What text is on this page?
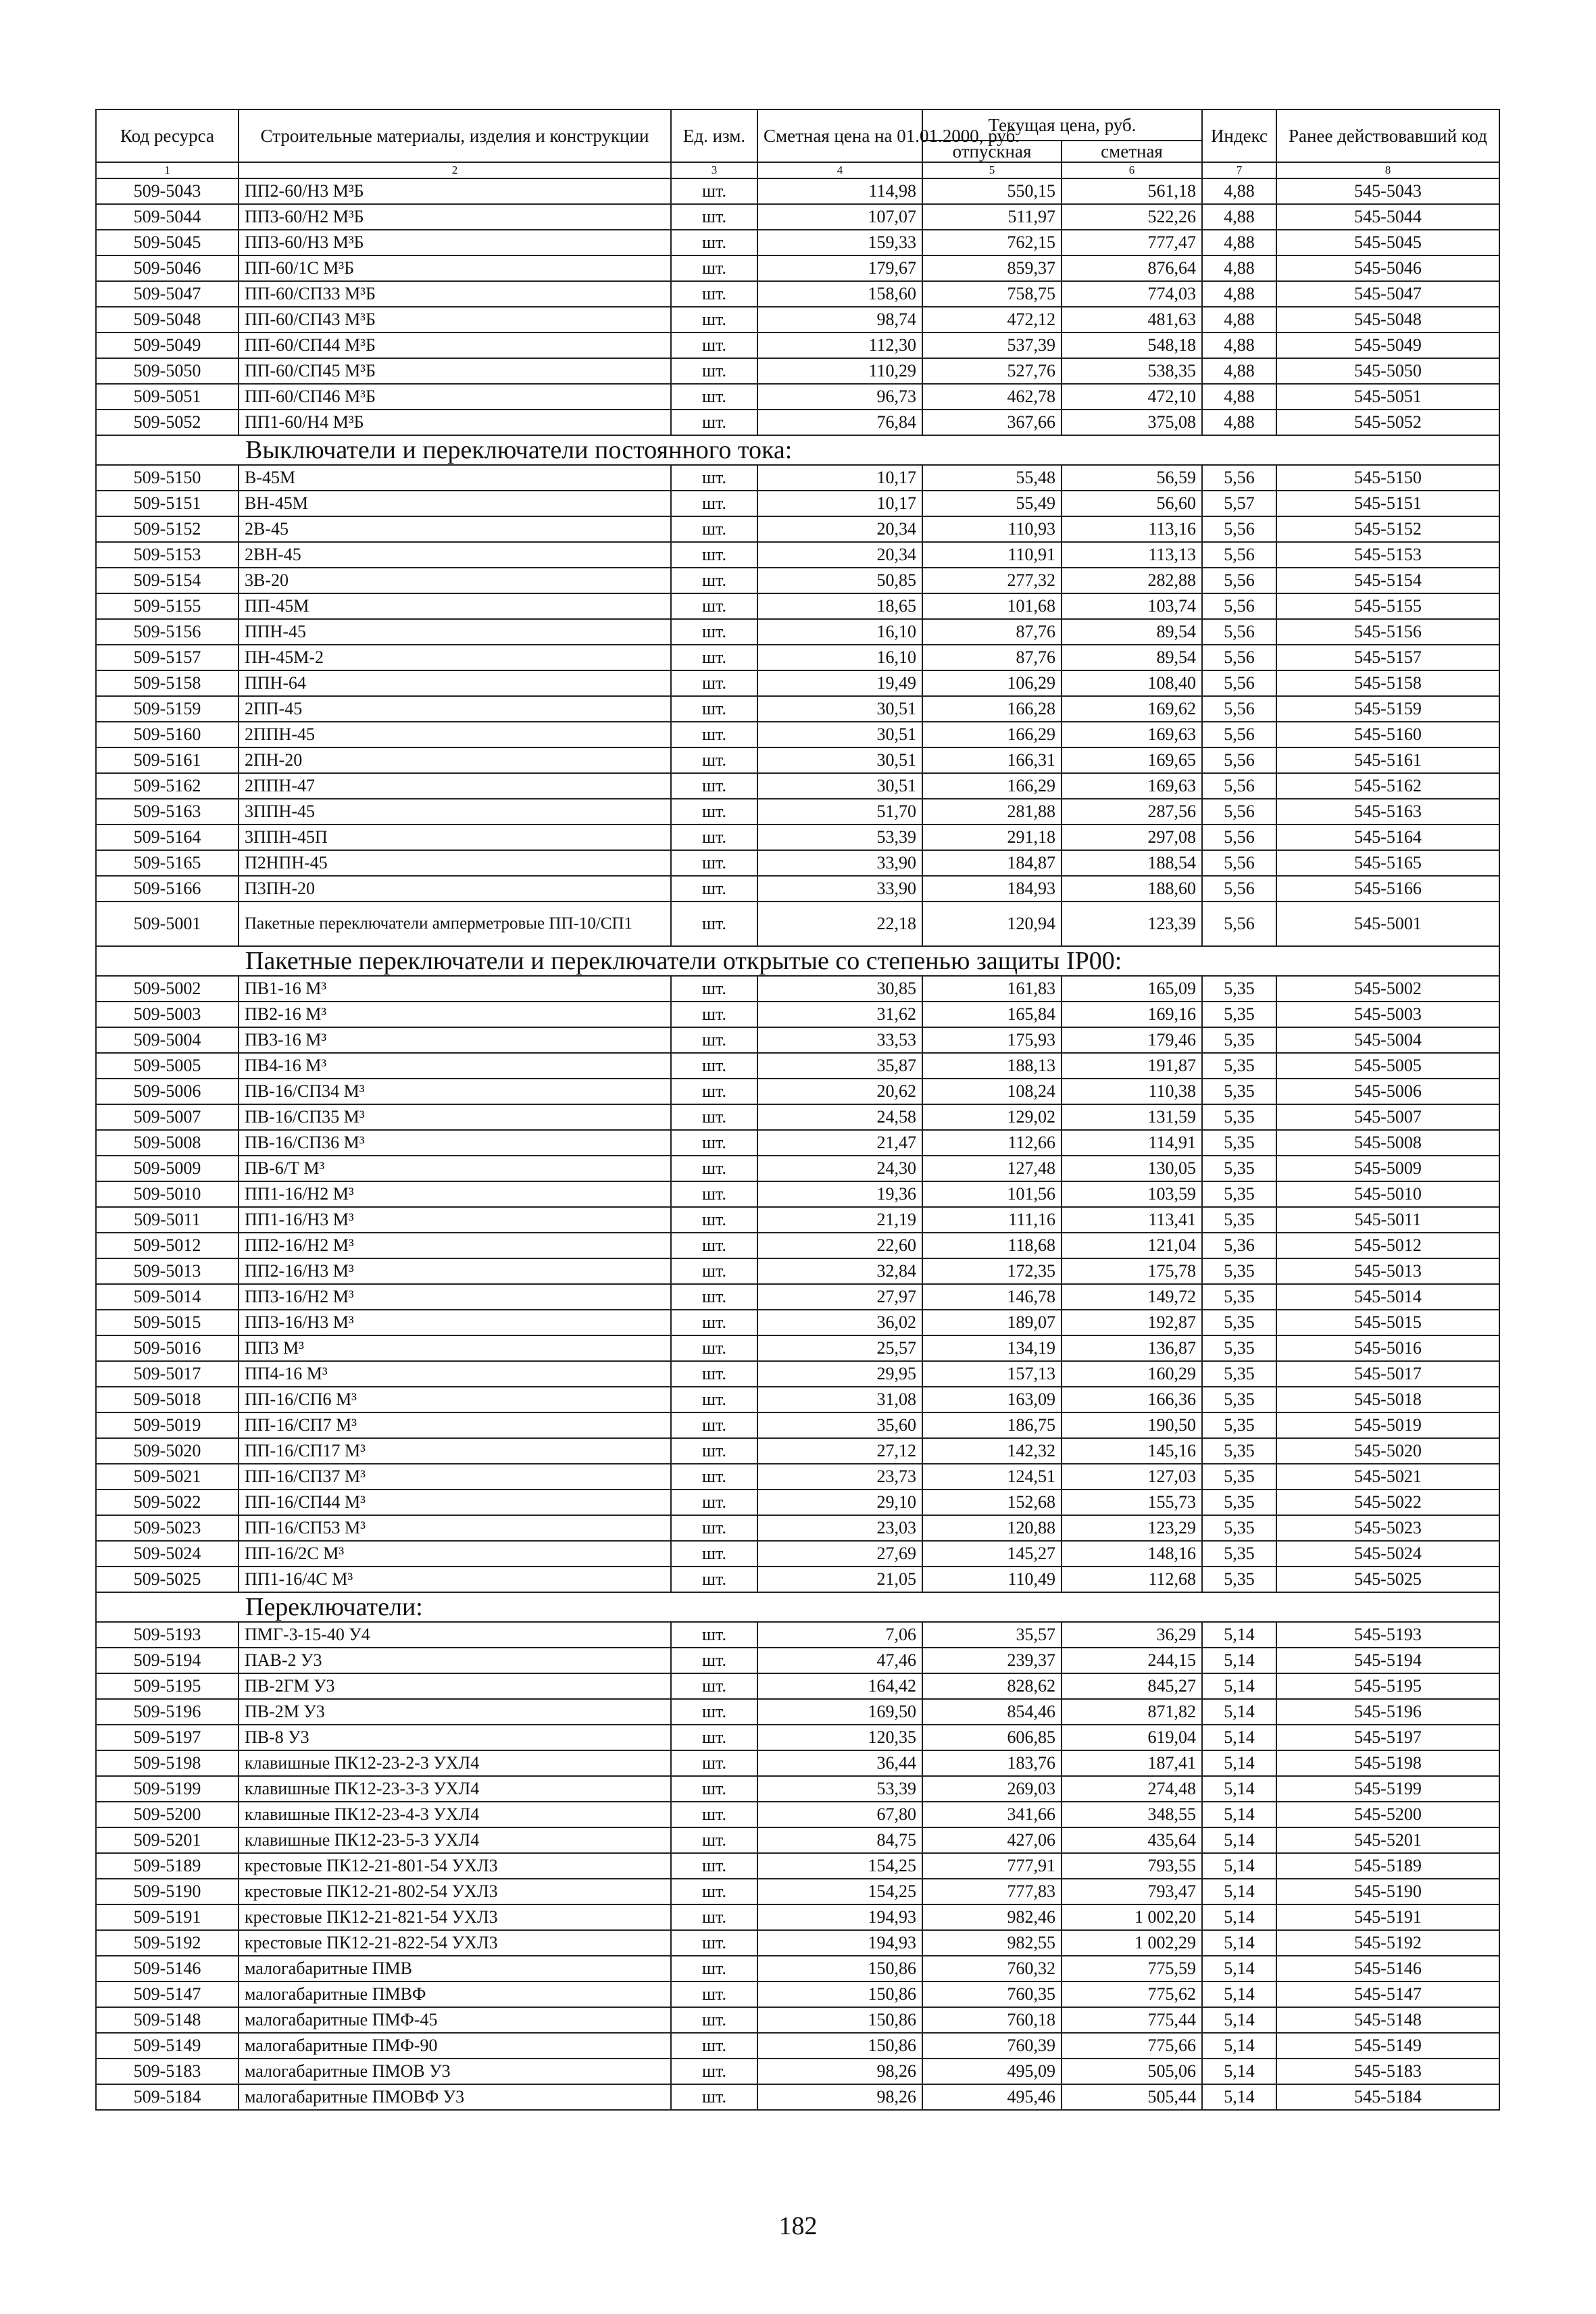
Код ресурса	Строительные материалы, изделия и конструкции	Ед. изм.	Сметная цена на 01.01.2000, руб.	Текущая цена, руб.		Индекс	Ранее действовавший код
				отпускная	сметная		
1	2	3	4	5	6	7	8
509-5043	ПП2-60/Н3 М³Б	шт.	114,98	550,15	561,18	4,88	545-5043
509-5044	ПП3-60/Н2 М³Б	шт.	107,07	511,97	522,26	4,88	545-5044
509-5045	ПП3-60/Н3 М³Б	шт.	159,33	762,15	777,47	4,88	545-5045
509-5046	ПП-60/1С М³Б	шт.	179,67	859,37	876,64	4,88	545-5046
509-5047	ПП-60/СП33 М³Б	шт.	158,60	758,75	774,03	4,88	545-5047
509-5048	ПП-60/СП43 М³Б	шт.	98,74	472,12	481,63	4,88	545-5048
509-5049	ПП-60/СП44 М³Б	шт.	112,30	537,39	548,18	4,88	545-5049
509-5050	ПП-60/СП45 М³Б	шт.	110,29	527,76	538,35	4,88	545-5050
509-5051	ПП-60/СП46 М³Б	шт.	96,73	462,78	472,10	4,88	545-5051
509-5052	ПП1-60/Н4 М³Б	шт.	76,84	367,66	375,08	4,88	545-5052
Выключатели и переключатели постоянного тока:							
509-5150	В-45М	шт.	10,17	55,48	56,59	5,56	545-5150
509-5151	ВН-45М	шт.	10,17	55,49	56,60	5,57	545-5151
509-5152	2В-45	шт.	20,34	110,93	113,16	5,56	545-5152
509-5153	2ВН-45	шт.	20,34	110,91	113,13	5,56	545-5153
509-5154	3В-20	шт.	50,85	277,32	282,88	5,56	545-5154
509-5155	ПП-45М	шт.	18,65	101,68	103,74	5,56	545-5155
509-5156	ППН-45	шт.	16,10	87,76	89,54	5,56	545-5156
509-5157	ПН-45М-2	шт.	16,10	87,76	89,54	5,56	545-5157
509-5158	ППН-64	шт.	19,49	106,29	108,40	5,56	545-5158
509-5159	2ПП-45	шт.	30,51	166,28	169,62	5,56	545-5159
509-5160	2ППН-45	шт.	30,51	166,29	169,63	5,56	545-5160
509-5161	2ПН-20	шт.	30,51	166,31	169,65	5,56	545-5161
509-5162	2ППН-47	шт.	30,51	166,29	169,63	5,56	545-5162
509-5163	3ППН-45	шт.	51,70	281,88	287,56	5,56	545-5163
509-5164	3ППН-45П	шт.	53,39	291,18	297,08	5,56	545-5164
509-5165	П2НПН-45	шт.	33,90	184,87	188,54	5,56	545-5165
509-5166	П3ПН-20	шт.	33,90	184,93	188,60	5,56	545-5166
509-5001	Пакетные переключатели амперметровые ПП-10/СП1	шт.	22,18	120,94	123,39	5,56	545-5001
Пакетные переключатели и переключатели открытые со степенью защиты IP00:							
509-5002	ПВ1-16 М³	шт.	30,85	161,83	165,09	5,35	545-5002
509-5003	ПВ2-16 М³	шт.	31,62	165,84	169,16	5,35	545-5003
509-5004	ПВ3-16 М³	шт.	33,53	175,93	179,46	5,35	545-5004
509-5005	ПВ4-16 М³	шт.	35,87	188,13	191,87	5,35	545-5005
509-5006	ПВ-16/СП34 М³	шт.	20,62	108,24	110,38	5,35	545-5006
509-5007	ПВ-16/СП35 М³	шт.	24,58	129,02	131,59	5,35	545-5007
509-5008	ПВ-16/СП36 М³	шт.	21,47	112,66	114,91	5,35	545-5008
509-5009	ПВ-6/Т М³	шт.	24,30	127,48	130,05	5,35	545-5009
509-5010	ПП1-16/Н2 М³	шт.	19,36	101,56	103,59	5,35	545-5010
509-5011	ПП1-16/Н3 М³	шт.	21,19	111,16	113,41	5,35	545-5011
509-5012	ПП2-16/Н2 М³	шт.	22,60	118,68	121,04	5,36	545-5012
509-5013	ПП2-16/Н3 М³	шт.	32,84	172,35	175,78	5,35	545-5013
509-5014	ПП3-16/Н2 М³	шт.	27,97	146,78	149,72	5,35	545-5014
509-5015	ПП3-16/Н3 М³	шт.	36,02	189,07	192,87	5,35	545-5015
509-5016	ПП3 М³	шт.	25,57	134,19	136,87	5,35	545-5016
509-5017	ПП4-16 М³	шт.	29,95	157,13	160,29	5,35	545-5017
509-5018	ПП-16/СП6 М³	шт.	31,08	163,09	166,36	5,35	545-5018
509-5019	ПП-16/СП7 М³	шт.	35,60	186,75	190,50	5,35	545-5019
509-5020	ПП-16/СП17 М³	шт.	27,12	142,32	145,16	5,35	545-5020
509-5021	ПП-16/СП37 М³	шт.	23,73	124,51	127,03	5,35	545-5021
509-5022	ПП-16/СП44 М³	шт.	29,10	152,68	155,73	5,35	545-5022
509-5023	ПП-16/СП53 М³	шт.	23,03	120,88	123,29	5,35	545-5023
509-5024	ПП-16/2С М³	шт.	27,69	145,27	148,16	5,35	545-5024
509-5025	ПП1-16/4С М³	шт.	21,05	110,49	112,68	5,35	545-5025
Переключатели:							
509-5193	ПМГ-3-15-40 У4	шт.	7,06	35,57	36,29	5,14	545-5193
509-5194	ПАВ-2 У3	шт.	47,46	239,37	244,15	5,14	545-5194
509-5195	ПВ-2ГМ У3	шт.	164,42	828,62	845,27	5,14	545-5195
509-5196	ПВ-2М У3	шт.	169,50	854,46	871,82	5,14	545-5196
509-5197	ПВ-8 У3	шт.	120,35	606,85	619,04	5,14	545-5197
509-5198	клавишные ПК12-23-2-3 УХЛ4	шт.	36,44	183,76	187,41	5,14	545-5198
509-5199	клавишные ПК12-23-3-3 УХЛ4	шт.	53,39	269,03	274,48	5,14	545-5199
509-5200	клавишные ПК12-23-4-3 УХЛ4	шт.	67,80	341,66	348,55	5,14	545-5200
509-5201	клавишные ПК12-23-5-3 УХЛ4	шт.	84,75	427,06	435,64	5,14	545-5201
509-5189	крестовые ПК12-21-801-54 УХЛ3	шт.	154,25	777,91	793,55	5,14	545-5189
509-5190	крестовые ПК12-21-802-54 УХЛ3	шт.	154,25	777,83	793,47	5,14	545-5190
509-5191	крестовые ПК12-21-821-54 УХЛ3	шт.	194,93	982,46	1 002,20	5,14	545-5191
509-5192	крестовые ПК12-21-822-54 УХЛ3	шт.	194,93	982,55	1 002,29	5,14	545-5192
509-5146	малогабаритные ПМВ	шт.	150,86	760,32	775,59	5,14	545-5146
509-5147	малогабаритные ПМВФ	шт.	150,86	760,35	775,62	5,14	545-5147
509-5148	малогабаритные ПМФ-45	шт.	150,86	760,18	775,44	5,14	545-5148
509-5149	малогабаритные ПМФ-90	шт.	150,86	760,39	775,66	5,14	545-5149
509-5183	малогабаритные ПМОВ У3	шт.	98,26	495,09	505,06	5,14	545-5183
509-5184	малогабаритные ПМОВФ У3	шт.	98,26	495,46	505,44	5,14	545-5184
182
